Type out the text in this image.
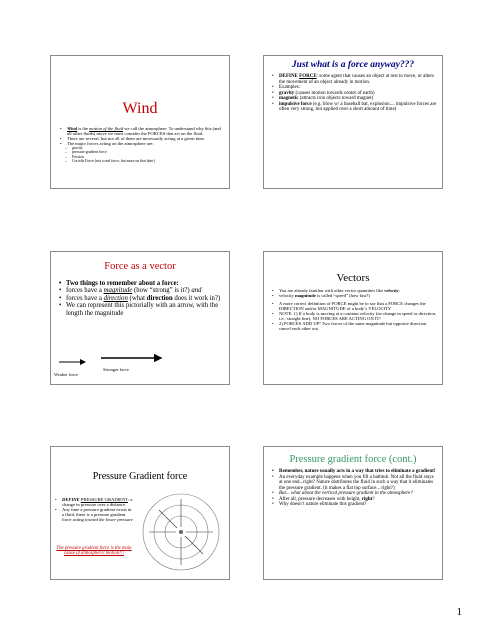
Wind
• Wind is the motion of the fluid we call the atmosphere. To understand why this (and all other fluids) move we must consider the FORCES that act on the fluid.
• There are several, but not all of them are necessarily acting at a given time.
• The major forces acting on the atmosphere are:
– gravity
– pressure gradient force
– Friction
– Coriolis Force (not a real force, but more on that later)
Just what is a force anyway???
• DEFINE FORCE: some agent that causes an object at rest to move, or alters the movement of an object already in motion.
• Examples:
• gravity (causes motion towards center of earth)
• magnetic (attracts iron objects toward magnet)
• impulsive force (e.g. blow w/ a baseball bat, explosion.... impulsive forces are often very strong, but applied over a short amount of time)
Force as a vector
• Two things to remember about a force:
• forces have a magnitude (how “strong” is it?) and
• forces have a direction (what direction does it work in?)
• We can represent this pictorially with an arrow, with the length the magnitude
Weaker force
Stronger force
Vectors
• You are already familiar with other vector quantities like velocity:
• velocity magnitude is called “speed” (how fast?)
• A more correct definition of FORCE might be to say that a FORCE changes the DIRECTION and/or MAGNITUDE of a body’s VELOCITY
• NOTE: 1) If a body is moving at a constant velocity (no change in speed or direction, i.e., straight line), NO FORCES ARE ACTING ON IT!
• 2) FORCES ADD UP! Two forces of the same magnitude but opposite direction cancel each other out
Pressure Gradient force
• DEFINE PRESSURE GRADIENT: a change in pressure over a distance.
• Any time a pressure gradient exists in a fluid, there is a pressure gradient force acting toward the lower pressure
The pressure gradient force is the main cause of atmospheric motion!!!
Pressure gradient force (cont.)
• Remember, nature usually acts in a way that tries to eliminate a gradient!
• An everyday example happens when you fill a bathtub. Not all the fluid stays at one end...right? Nature distributes the fluid in such a way that it eliminates the pressure gradient. (it makes a flat top surface... right?)
• But... what about the vertical pressure gradient in the atmosphere?
• After all, pressure decreases with height, right?
• Why doesn’t nature eliminate this gradient?
1
